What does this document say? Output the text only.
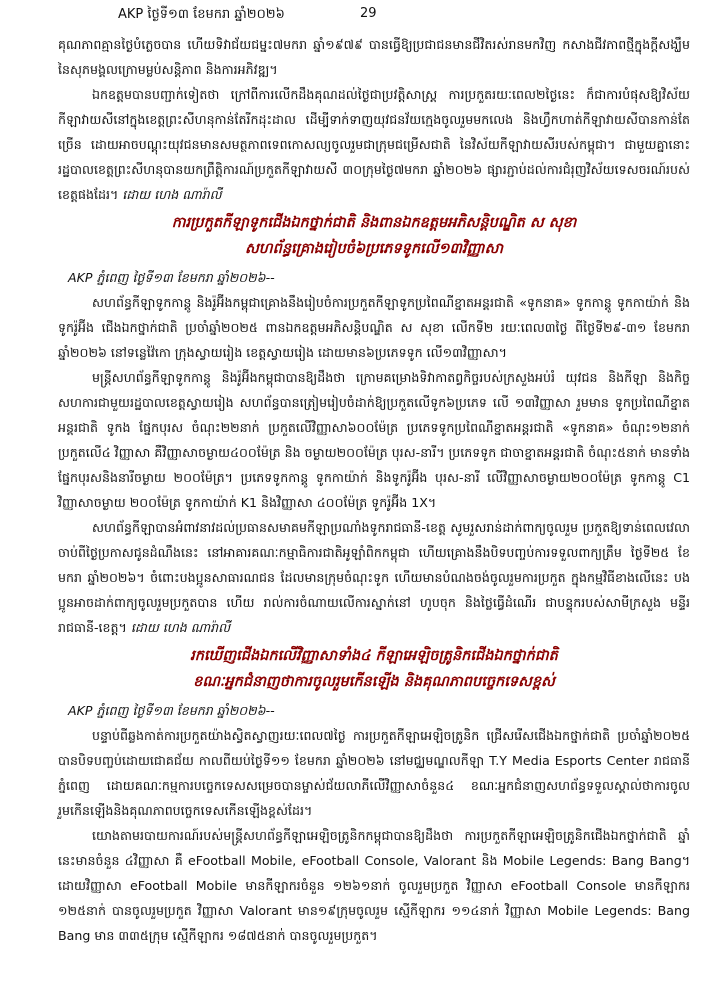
AKP ថ្ងៃទី១៣ ខែមករា ឆ្នាំ២០២៦	29

គុណភាពគ្មានថ្ងៃបំភ្លេចបាន ហើយទិវាជ័យជម្នះ៧មករា ឆ្នាំ១៩៧៩ បានធ្វើឱ្យប្រជាជនមានជីវិតរស់រានមកវិញ កសាងជីវភាពថ្មីក្នុងក្ដីសង្ឃឹម នៃសុភមង្គលក្រោមម្លប់សន្តិភាព និងការអភិវឌ្ឍ។

ឯកឧត្តមបានបញ្ជាក់ទៀតថា ក្រៅពីការលើកដឹងគុណដល់ថ្ងៃជាប្រវត្តិសាស្ត្រ ការប្រកួតរយៈពេល២ថ្ងៃនេះ ក៏ជាការបំផុសឱ្យវិស័យកីឡាវាយសីនៅក្នុងខេត្តព្រះសីហនុកាន់តែរីកដុះដាល ដើម្បីទាក់ទាញយុវជនវ័យក្មេងចូលរួមមកលេង និងហ្វឹកហាត់កីឡាវាយសីបានកាន់តែច្រើន ដោយអាចបណ្ដុះយុវជនមានសមត្ថភាពទេពកោសល្យចូលរួមជាក្រុមជម្រើសជាតិ នៃវិស័យកីឡាវាយសីរបស់កម្ពុជា។ ជាមួយគ្នានោះ រដ្ឋបាលខេត្តព្រះសីហនុបានយកព្រឹត្តិការណ៍ប្រកួតកីឡាវាយសី ៣០ក្រុមថ្ងៃ៧មករា ឆ្នាំ២០២៦ ផ្សារភ្ជាប់ដល់ការជំរុញវិស័យទេសចរណ៍របស់ខេត្តផងដែរ។ ដោយ ហេង ណារ៉ាលី

ការប្រកួតកីឡាទូកជើងឯកថ្នាក់ជាតិ និងពានឯកឧត្តមអភិសន្តិបណ្ឌិត ស សុខា
សហព័ន្ធគ្រោងរៀបចំ៦ប្រភេទទូកលើ១៣វិញ្ញាសា

AKP ភ្នំពេញ ថ្ងៃទី១៣ ខែមករា ឆ្នាំ២០២៦--

សហព័ន្ធកីឡាទូកកាន្តូ និងរ៉ូអ៊ីងកម្ពុជាគ្រោងនឹងរៀបចំការប្រកួតកីឡាទូកប្រពៃណីខ្នាតអន្តរជាតិ «ទូកនាគ» ទូកកាន្តូ ទូកកាយ៉ាក់ និងទូករ៉ូអ៊ីង ជើងឯកថ្នាក់ជាតិ ប្រចាំឆ្នាំ២០២៥ ពានឯកឧត្តមអភិសន្តិបណ្ឌិត ស សុខា លើកទី២ រយៈពេល៣ថ្ងៃ ពីថ្ងៃទី២៩-៣១ ខែមករា ឆ្នាំ២០២៦ នៅទន្លេវ៉ៃកោ ក្រុងស្វាយរៀង ខេត្តស្វាយរៀង ដោយមាន៦ប្រភេទទូក លើ១៣វិញ្ញាសា។

មន្ត្រីសហព័ន្ធកីឡាទូកកាន្តូ និងរ៉ូអ៊ីងកម្ពុជាបានឱ្យដឹងថា ក្រោមគម្រោងទិវាកាតព្វកិច្ចរបស់ក្រសួងអប់រំ យុវជន និងកីឡា និងកិច្ចសហការជាមួយរដ្ឋបាលខេត្តស្វាយរៀង សហព័ន្ធបានត្រៀមរៀបចំដាក់ឱ្យប្រកួតលើទូក៦ប្រភេទ លើ ១៣វិញ្ញាសា រួមមាន ទូកប្រពៃណីខ្នាតអន្តរជាតិ ទូកង ផ្នែកបុរស ចំណុះ២២នាក់ ប្រកួតលើវិញ្ញាសា៦០០ម៉ែត្រ ប្រភេទទូកប្រពៃណីខ្នាតអន្តរជាតិ «ទូកនាគ» ចំណុះ១២នាក់ ប្រកួតលើ៤ វិញ្ញាសា គឺវិញ្ញាសាចម្ងាយ៤០០ម៉ែត្រ និង ចម្ងាយ២០០ម៉ែត្រ បុរស-នារី។ ប្រភេទទូក ជាចាខ្នាតអន្តរជាតិ ចំណុះ៥នាក់ មានទាំងផ្នែកបុរសនិងនារីចម្ងាយ ២០០ម៉ែត្រ។ ប្រភេទទូកកាន្តូ ទូកកាយ៉ាក់ និងទូករ៉ូអ៊ីង បុរស-នារី លើវិញ្ញាសាចម្ងាយ២០០ម៉ែត្រ ទូកកាន្តូ C1 វិញ្ញាសាចម្ងាយ ២០០ម៉ែត្រ ទូកកាយ៉ាក់ K1 និងវិញ្ញាសា ៤០០ម៉ែត្រ ទូករ៉ូអ៊ីង 1X។

សហព័ន្ធកីឡាបានអំពាវនាវដល់ប្រធានសមាគមកីឡាប្រណាំងទូករាជធានី-ខេត្ត សូមរួសរាន់ដាក់ពាក្យចូលរួម ប្រកួតឱ្យទាន់ពេលវេលា ចាប់ពីថ្ងៃប្រកាសជូនដំណឹងនេះ នៅអាគារគណៈកម្មាធិការជាតិអូឡាំពិកកម្ពុជា ហើយគ្រោងនឹងបិទបញ្ចប់ការទទួលពាក្យត្រឹម ថ្ងៃទី២៥ ខែមករា ឆ្នាំ២០២៦។ ចំពោះបងប្អូនសាធារណជន ដែលមានក្រុមចំណុះទូក ហើយមានបំណងចង់ចូលរួមការប្រកួត ក្នុងកម្មវិធីខាងលើនេះ បងប្អូនអាចដាក់ពាក្យចូលរួមប្រកួតបាន ហើយ រាល់ការចំណាយលើការស្នាក់នៅ ហូបចុក និងថ្លៃធ្វើដំណើរ ជាបន្ទុករបស់សាមីក្រសួង មន្ទីរ រាជធានី-ខេត្ត។ ដោយ ហេង ណារ៉ាលី

រកឃើញជើងឯកលើវិញ្ញាសាទាំង៤ កីឡាអេឡិចត្រូនិកជើងឯកថ្នាក់ជាតិ
ខណៈអ្នកជំនាញថាការចូលរួមកើនឡើង និងគុណភាពបច្ចេកទេសខ្ពស់

AKP ភ្នំពេញ ថ្ងៃទី១៣ ខែមករា ឆ្នាំ២០២៦--

បន្ទាប់ពីឆ្លងកាត់ការប្រកួតយ៉ាងស្វិតស្វាញរយៈពេល៧ថ្ងៃ ការប្រកួតកីឡាអេឡិចត្រូនិក ជ្រើសរើសជើងឯកថ្នាក់ជាតិ ប្រចាំឆ្នាំ២០២៥ បានបិទបញ្ចប់ដោយជោគជ័យ កាលពីយប់ថ្ងៃទី១១ ខែមករា ឆ្នាំ២០២៦ នៅមជ្ឈមណ្ឌលកីឡា T.Y Media Esports Center រាជធានីភ្នំពេញ ដោយគណៈកម្មការបច្ចេកទេសសម្រេចបានម្ចាស់ជ័យលាភីលើវិញ្ញាសាចំនួន៤ ខណៈអ្នកជំនាញសហព័ន្ធទទួលស្គាល់ថាការចូលរួមកើនឡើងនិងគុណភាពបច្ចេកទេសកើនឡើងខ្ពស់ដែរ។

យោងតាមរបាយការណ៍របស់មន្ត្រីសហព័ន្ធកីឡាអេឡិចត្រូនិកកម្ពុជាបានឱ្យដឹងថា ការប្រកួតកីឡាអេឡិចត្រូនិកជើងឯកថ្នាក់ជាតិ ឆ្នាំនេះមានចំនួន ៤វិញ្ញាសា គឺ eFootball Mobile, eFootball Console, Valorant និង Mobile Legends: Bang Bang។ ដោយវិញ្ញាសា eFootball Mobile មានកីឡាករចំនួន ១២៦១នាក់ ចូលរួមប្រកួត វិញ្ញាសា eFootball Console មានកីឡាករ ១២៥នាក់ បានចូលរួមប្រកួត វិញ្ញាសា Valorant មាន១៩ក្រុមចូលរួម ស្មើកីឡាករ ១១៤នាក់ វិញ្ញាសា Mobile Legends: Bang Bang មាន ៣៣៥ក្រុម ស្មើកីឡាករ ១៨៧៥នាក់ បានចូលរួមប្រកួត។
